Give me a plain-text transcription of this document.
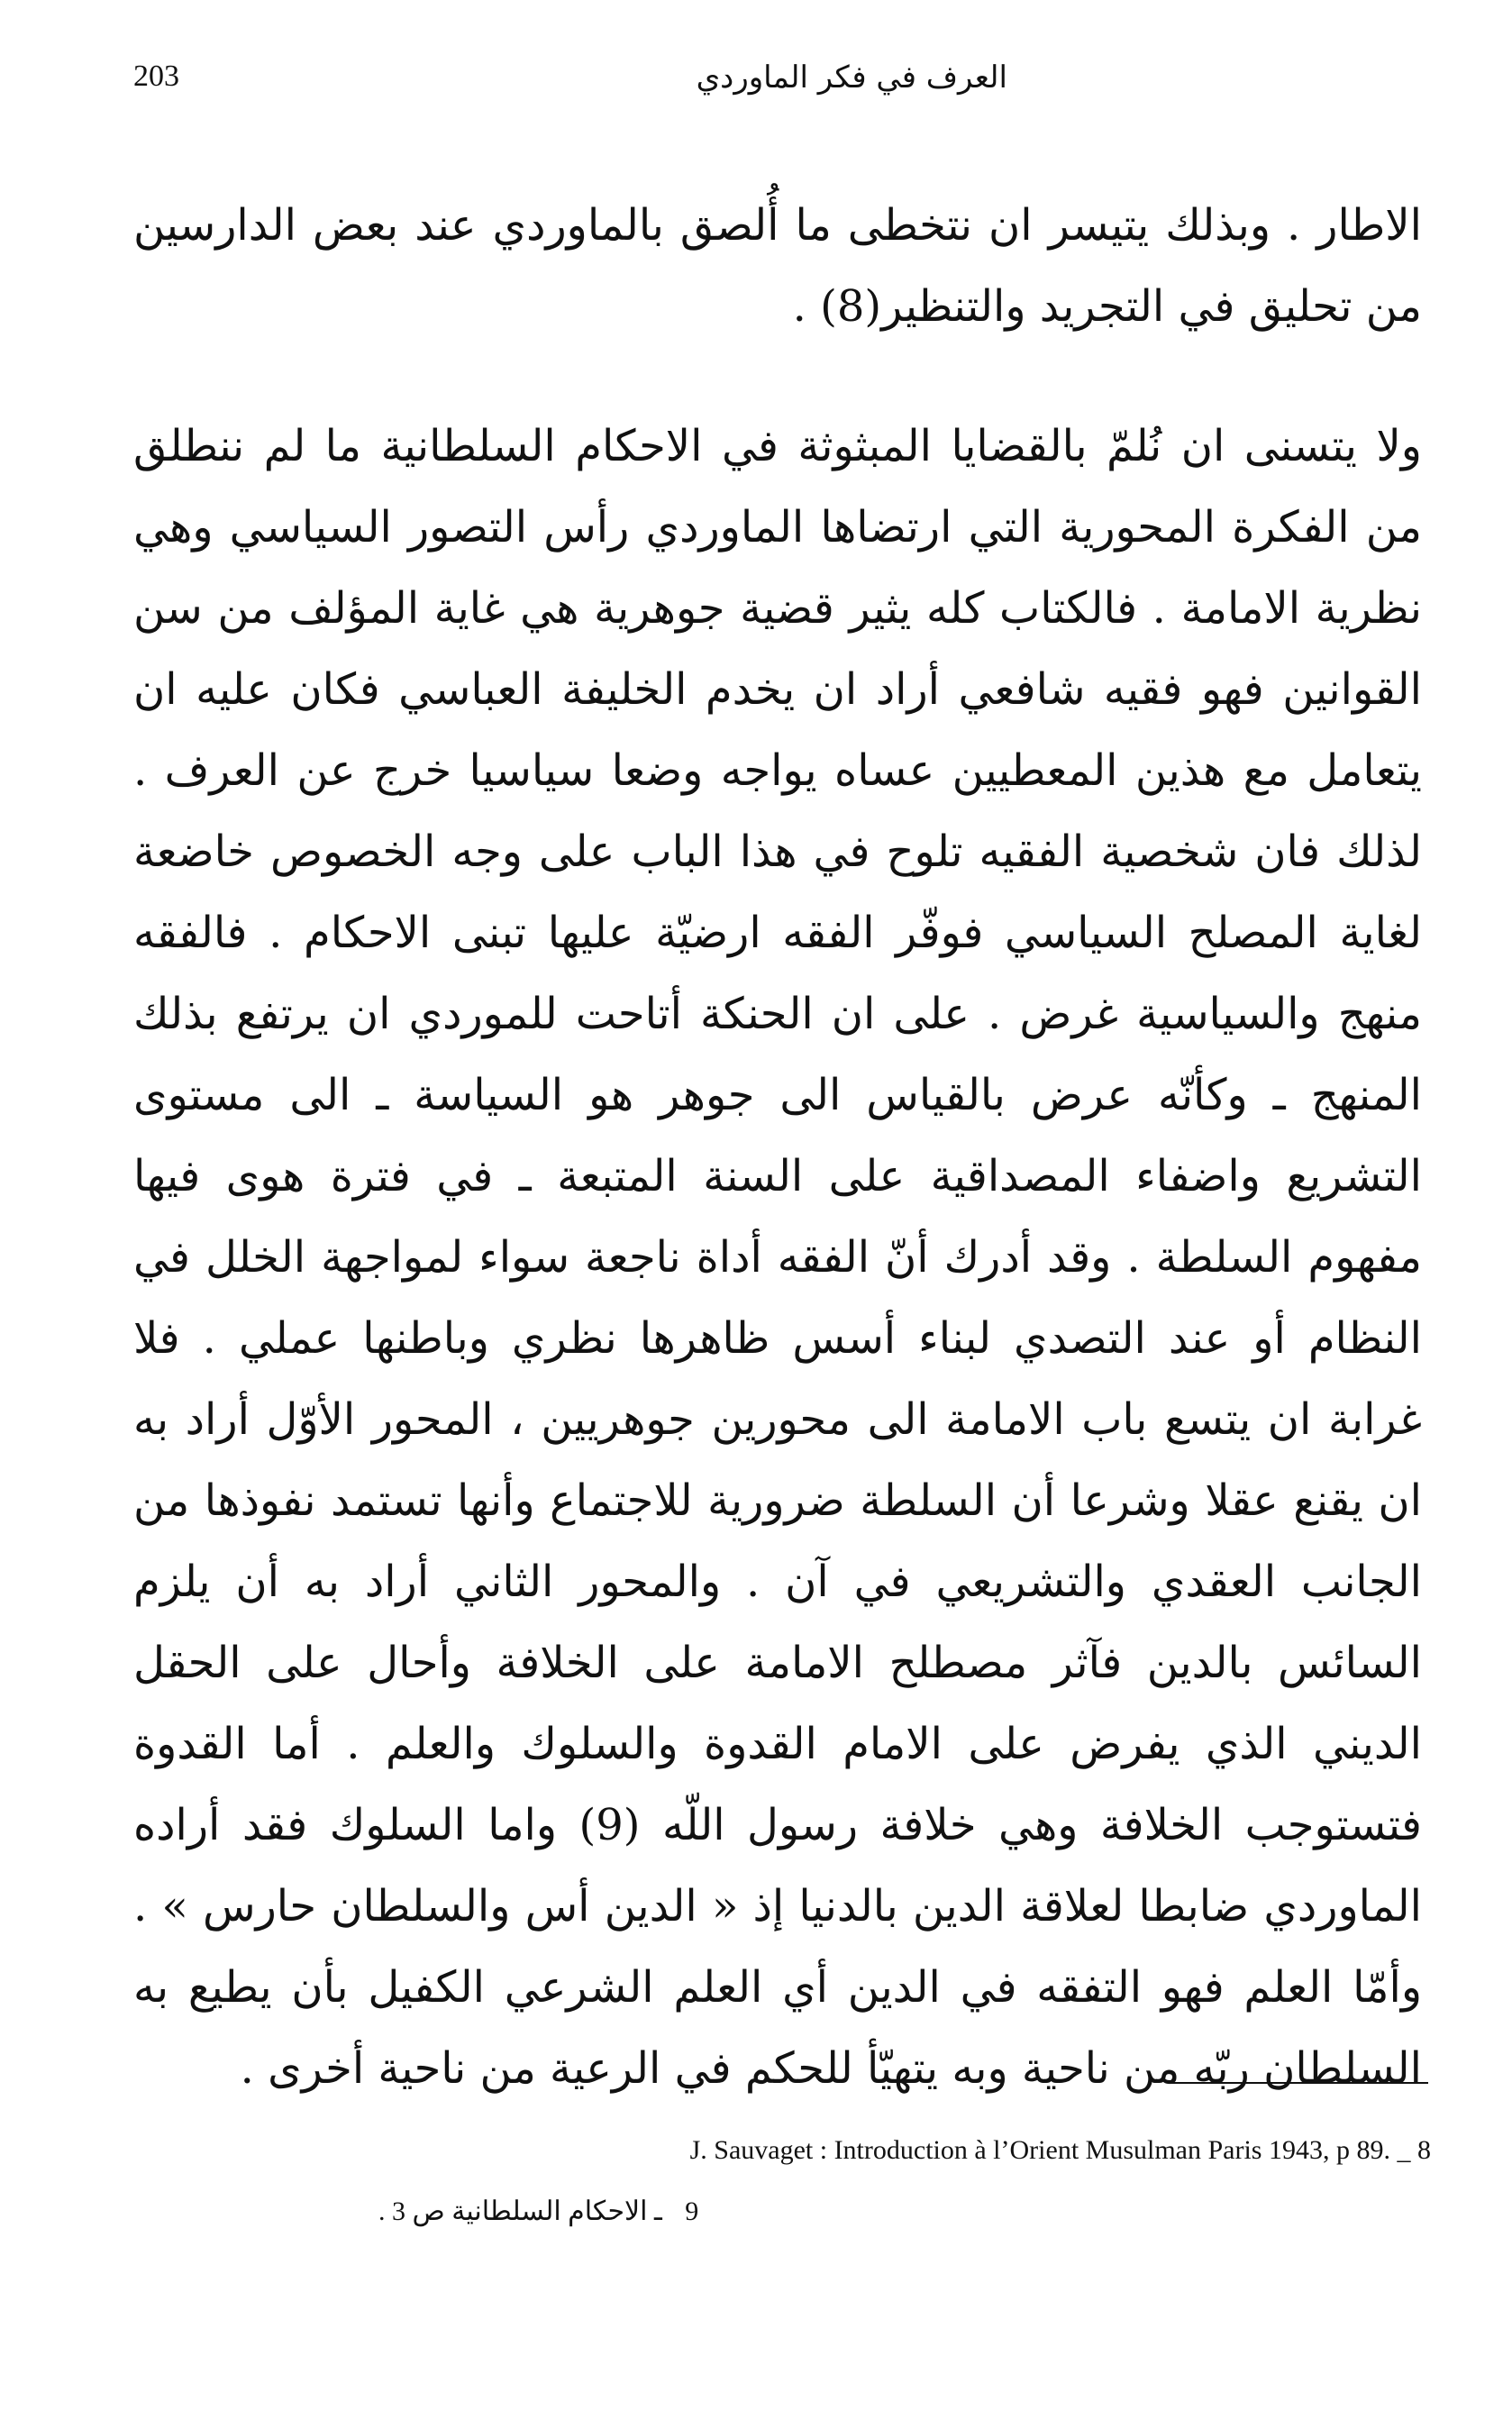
203	العرف في فكر الماوردي
الاطار . وبذلك يتيسر ان نتخطى ما أُلصق بالماوردي عند بعض الدارسين من تحليق في التجريد والتنظير(8) .
ولا يتسنى ان نُلمّ بالقضايا المبثوثة في الاحكام السلطانية ما لم ننطلق من الفكرة المحورية التي ارتضاها الماوردي رأس التصور السياسي وهي نظرية الامامة . فالكتاب كله يثير قضية جوهرية هي غاية المؤلف من سن القوانين فهو فقيه شافعي أراد ان يخدم الخليفة العباسي فكان عليه ان يتعامل مع هذين المعطيين عساه يواجه وضعا سياسيا خرج عن العرف . لذلك فان شخصية الفقيه تلوح في هذا الباب على وجه الخصوص خاضعة لغاية المصلح السياسي فوفّر الفقه ارضيّة عليها تبنى الاحكام . فالفقه منهج والسياسية غرض . على ان الحنكة أتاحت للموردي ان يرتفع بذلك المنهج ـ وكأنّه عرض بالقياس الى جوهر هو السياسة ـ الى مستوى التشريع واضفاء المصداقية على السنة المتبعة ـ في فترة هوى فيها مفهوم السلطة . وقد أدرك أنّ الفقه أداة ناجعة سواء لمواجهة الخلل في النظام أو عند التصدي لبناء أسس ظاهرها نظري وباطنها عملي . فلا غرابة ان يتسع باب الامامة الى محورين جوهريين ، المحور الأوّل أراد به ان يقنع عقلا وشرعا أن السلطة ضرورية للاجتماع وأنها تستمد نفوذها من الجانب العقدي والتشريعي في آن . والمحور الثاني أراد به أن يلزم السائس بالدين فآثر مصطلح الامامة على الخلافة وأحال على الحقل الديني الذي يفرض على الامام القدوة والسلوك والعلم . أما القدوة فتستوجب الخلافة وهي خلافة رسول اللّه (9) واما السلوك فقد أراده الماوردي ضابطا لعلاقة الدين بالدنيا إذ « الدين أس والسلطان حارس » . وأمّا العلم فهو التفقه في الدين أي العلم الشرعي الكفيل بأن يطيع به السلطان ربّه من ناحية وبه يتهيّأ للحكم في الرعية من ناحية أخرى .
J. Sauvaget : Introduction à l’Orient Musulman Paris 1943, p 89. _ 8
9 ـ الاحكام السلطانية ص 3 .
